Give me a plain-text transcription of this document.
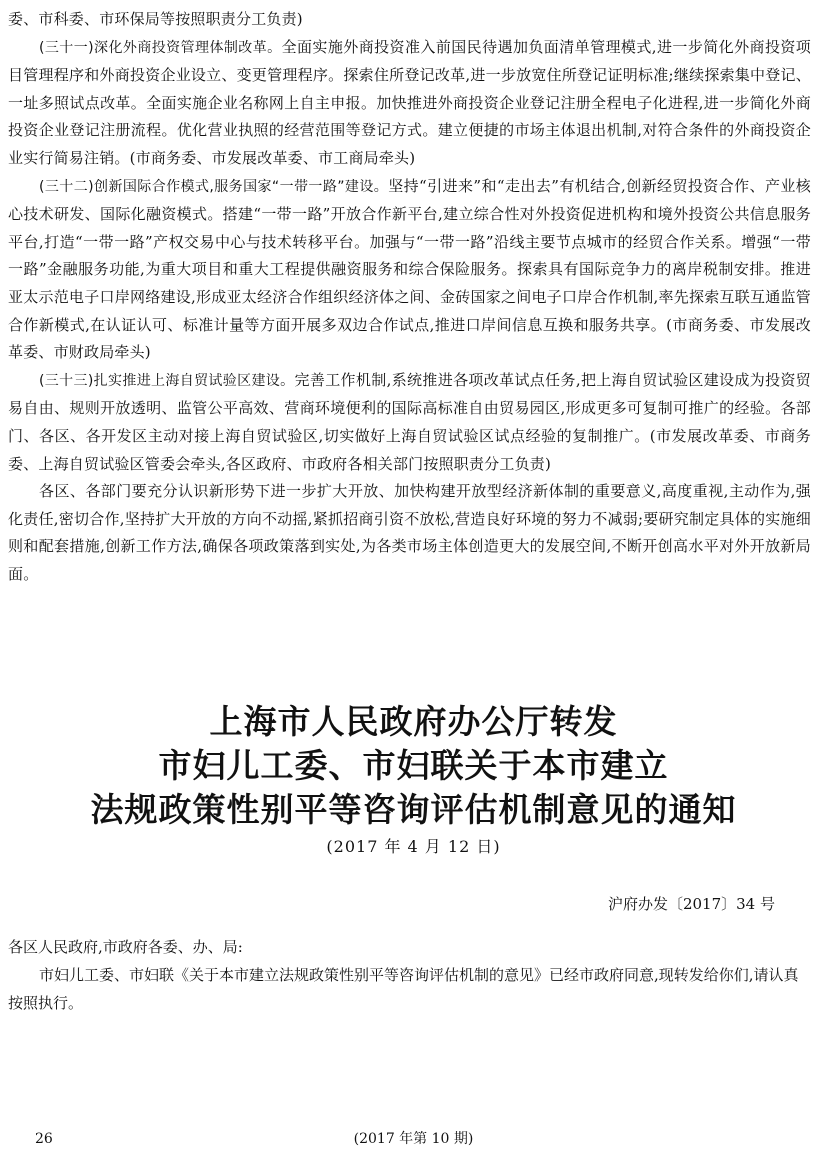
委、市科委、市环保局等按照职责分工负责)

(三十一)深化外商投资管理体制改革。全面实施外商投资准入前国民待遇加负面清单管理模式,进一步简化外商投资项目管理程序和外商投资企业设立、变更管理程序。探索住所登记改革,进一步放宽住所登记证明标准;继续探索集中登记、一址多照试点改革。全面实施企业名称网上自主申报。加快推进外商投资企业登记注册全程电子化进程,进一步简化外商投资企业登记注册流程。优化营业执照的经营范围等登记方式。建立便捷的市场主体退出机制,对符合条件的外商投资企业实行简易注销。(市商务委、市发展改革委、市工商局牵头)

(三十二)创新国际合作模式,服务国家“一带一路”建设。坚持“引进来”和“走出去”有机结合,创新经贸投资合作、产业核心技术研发、国际化融资模式。搭建“一带一路”开放合作新平台,建立综合性对外投资促进机构和境外投资公共信息服务平台,打造“一带一路”产权交易中心与技术转移平台。加强与“一带一路”沿线主要节点城市的经贸合作关系。增强“一带一路”金融服务功能,为重大项目和重大工程提供融资服务和综合保险服务。探索具有国际竞争力的离岸税制安排。推进亚太示范电子口岸网络建设,形成亚太经济合作组织经济体之间、金砖国家之间电子口岸合作机制,率先探索互联互通监管合作新模式,在认证认可、标准计量等方面开展多双边合作试点,推进口岸间信息互换和服务共享。(市商务委、市发展改革委、市财政局牵头)

(三十三)扎实推进上海自贸试验区建设。完善工作机制,系统推进各项改革试点任务,把上海自贸试验区建设成为投资贸易自由、规则开放透明、监管公平高效、营商环境便利的国际高标准自由贸易园区,形成更多可复制可推广的经验。各部门、各区、各开发区主动对接上海自贸试验区,切实做好上海自贸试验区试点经验的复制推广。(市发展改革委、市商务委、上海自贸试验区管委会牵头,各区政府、市政府各相关部门按照职责分工负责)

各区、各部门要充分认识新形势下进一步扩大开放、加快构建开放型经济新体制的重要意义,高度重视,主动作为,强化责任,密切合作,坚持扩大开放的方向不动摇,紧抓招商引资不放松,营造良好环境的努力不减弱;要研究制定具体的实施细则和配套措施,创新工作方法,确保各项政策落到实处,为各类市场主体创造更大的发展空间,不断开创高水平对外开放新局面。

上海市人民政府办公厅转发
市妇儿工委、市妇联关于本市建立
法规政策性别平等咨询评估机制意见的通知
(2017 年 4 月 12 日)
沪府办发〔2017〕34 号

各区人民政府,市政府各委、办、局:

市妇儿工委、市妇联《关于本市建立法规政策性别平等咨询评估机制的意见》已经市政府同意,现转发给你们,请认真按照执行。

26	(2017 年第 10 期)
